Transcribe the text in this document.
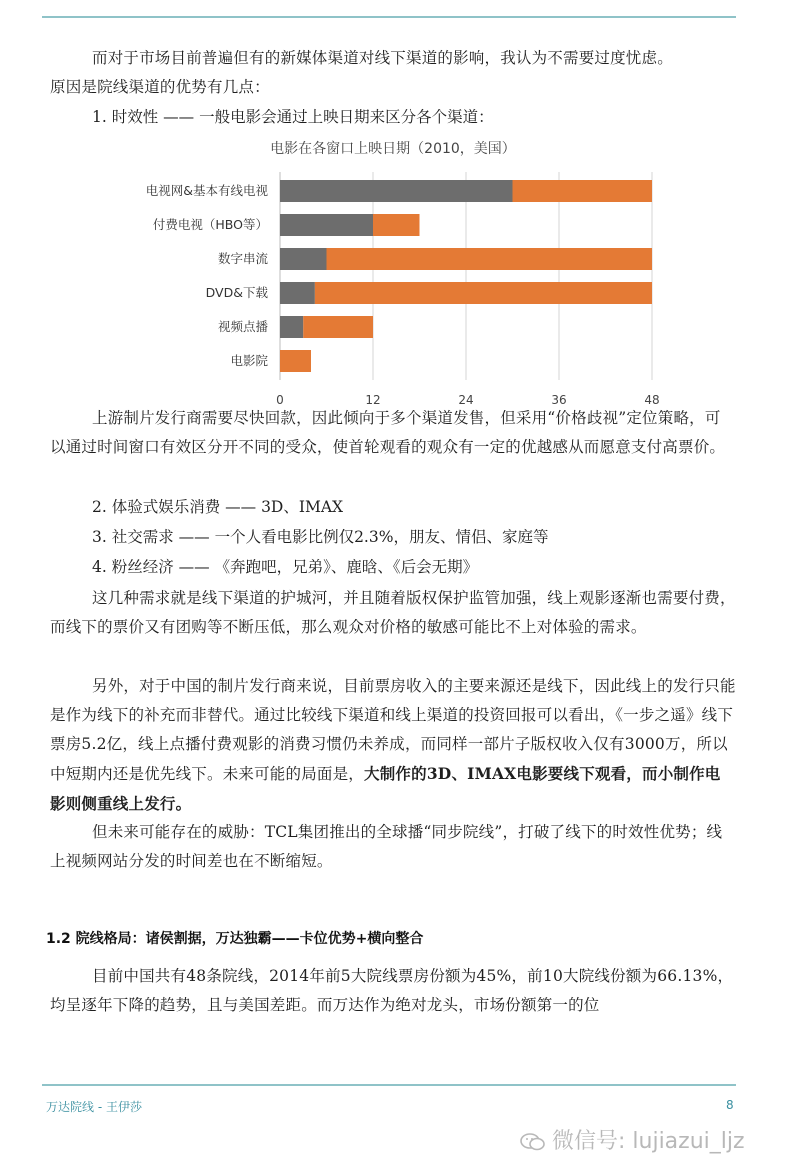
而对于市场目前普遍但有的新媒体渠道对线下渠道的影响，我认为不需要过度忧虑。
原因是院线渠道的优势有几点：
1. 时效性 —— 一般电影会通过上映日期来区分各个渠道：
电影在各窗口上映日期（2010，美国）
0	12	24	36	48
电视网&基本有线电视
付费电视（HBO等）
数字串流
DVD&下载
视频点播
电影院
上游制片发行商需要尽快回款，因此倾向于多个渠道发售，但采用“价格歧视”定位策略，可以通过时间窗口有效区分开不同的受众，使首轮观看的观众有一定的优越感从而愿意支付高票价。
2. 体验式娱乐消费 —— 3D、IMAX
3. 社交需求 —— 一个人看电影比例仅2.3%，朋友、情侣、家庭等
4. 粉丝经济 —— 《奔跑吧，兄弟》、鹿晗、《后会无期》
这几种需求就是线下渠道的护城河，并且随着版权保护监管加强，线上观影逐渐也需要付费，而线下的票价又有团购等不断压低，那么观众对价格的敏感可能比不上对体验的需求。
另外，对于中国的制片发行商来说，目前票房收入的主要来源还是线下，因此线上的发行只能是作为线下的补充而非替代。通过比较线下渠道和线上渠道的投资回报可以看出，《一步之遥》线下票房5.2亿，线上点播付费观影的消费习惯仍未养成，而同样一部片子版权收入仅有3000万，所以中短期内还是优先线下。未来可能的局面是，大制作的3D、IMAX电影要线下观看，而小制作电影则侧重线上发行。
但未来可能存在的威胁：TCL集团推出的全球播“同步院线”，打破了线下的时效性优势；线上视频网站分发的时间差也在不断缩短。
1.2 院线格局：诸侯割据，万达独霸——卡位优势+横向整合
目前中国共有48条院线，2014年前5大院线票房份额为45%，前10大院线份额为66.13%，均呈逐年下降的趋势，且与美国差距。而万达作为绝对龙头，市场份额第一的位
万达院线 - 王伊莎	8
微信号: lujiazui_ljz
